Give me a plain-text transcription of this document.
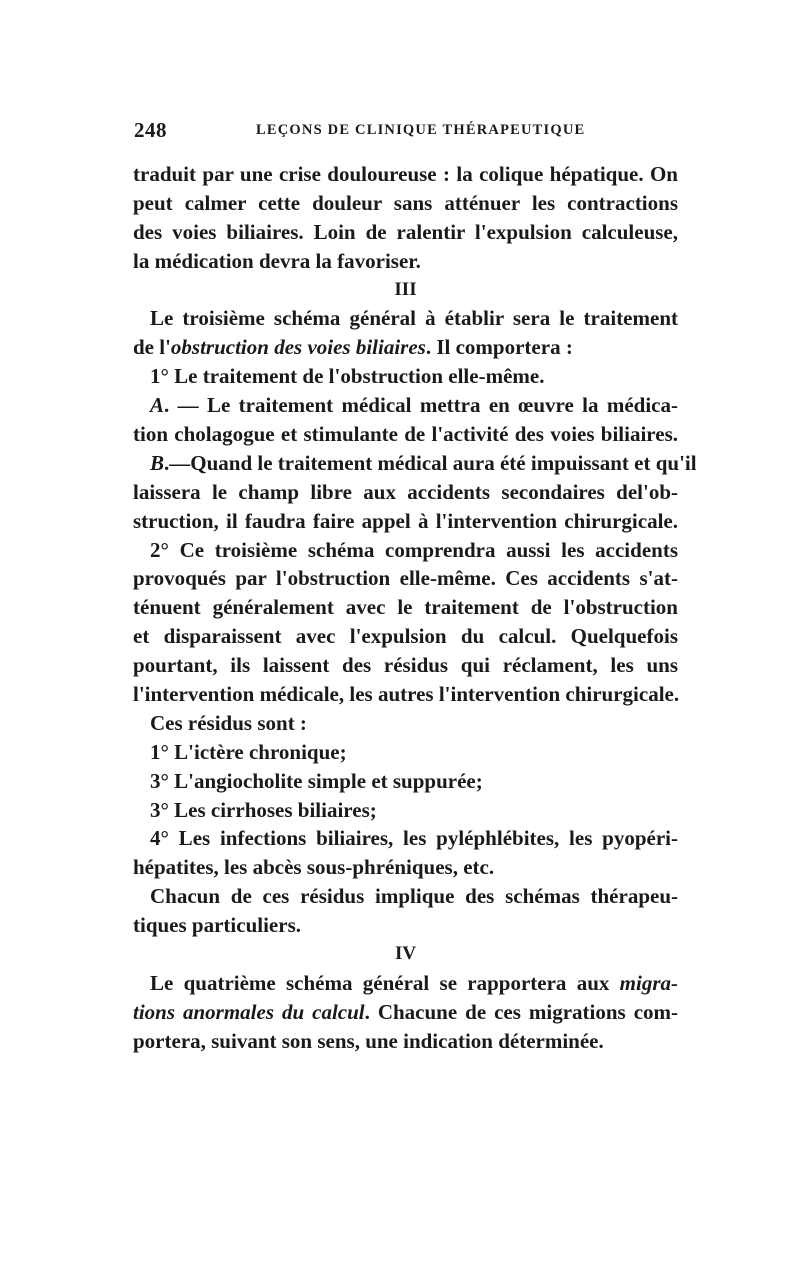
248	LEÇONS DE CLINIQUE THÉRAPEUTIQUE
traduit par une crise douloureuse : la colique hépatique. On
peut calmer cette douleur sans atténuer les contractions
des voies biliaires. Loin de ralentir l'expulsion calculeuse,
la médication devra la favoriser.
III
Le troisième schéma général à établir sera le traitement
de l'obstruction des voies biliaires. Il comportera :
1° Le traitement de l'obstruction elle-même.
A. — Le traitement médical mettra en œuvre la médica-
tion cholagogue et stimulante de l'activité des voies biliaires.
B.—Quand le traitement médical aura été impuissant et qu'il
laissera le champ libre aux accidents secondaires del'ob-
struction, il faudra faire appel à l'intervention chirurgicale.
2° Ce troisième schéma comprendra aussi les accidents
provoqués par l'obstruction elle-même. Ces accidents s'at-
ténuent généralement avec le traitement de l'obstruction
et disparaissent avec l'expulsion du calcul. Quelquefois
pourtant, ils laissent des résidus qui réclament, les uns
l'intervention médicale, les autres l'intervention chirurgicale.
Ces résidus sont :
1° L'ictère chronique;
3° L'angiocholite simple et suppurée;
3° Les cirrhoses biliaires;
4° Les infections biliaires, les pyléphlébites, les pyopéri-
hépatites, les abcès sous-phréniques, etc.
Chacun de ces résidus implique des schémas thérapeu-
tiques particuliers.
IV
Le quatrième schéma général se rapportera aux migra-
tions anormales du calcul. Chacune de ces migrations com-
portera, suivant son sens, une indication déterminée.
